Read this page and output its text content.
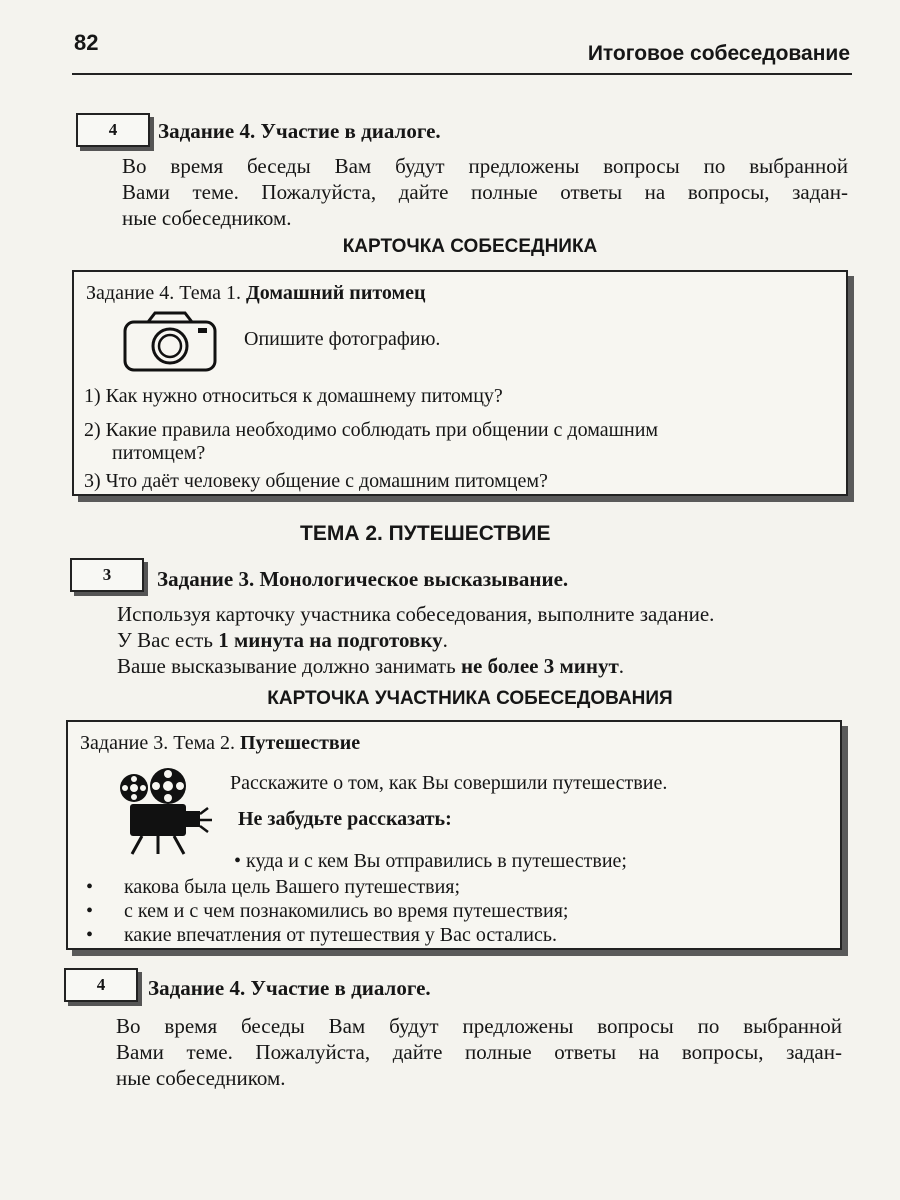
82	Итоговое собеседование
4	Задание 4. Участие в диалоге.
Во время беседы Вам будут предложены вопросы по выбранной
Вами теме. Пожалуйста, дайте полные ответы на вопросы, задан-
ные собеседником.
КАРТОЧКА СОБЕСЕДНИКА
Задание 4. Тема 1. Домашний питомец
Опишите фотографию.
1) Как нужно относиться к домашнему питомцу?
2) Какие правила необходимо соблюдать при общении с домашним
питомцем?
3) Что даёт человеку общение с домашним питомцем?
ТЕМА 2. ПУТЕШЕСТВИЕ
3	Задание 3. Монологическое высказывание.
Используя карточку участника собеседования, выполните задание.
У Вас есть 1 минута на подготовку.
Ваше высказывание должно занимать не более 3 минут.
КАРТОЧКА УЧАСТНИКА СОБЕСЕДОВАНИЯ
Задание 3. Тема 2. Путешествие
Расскажите о том, как Вы совершили путешествие.
Не забудьте рассказать:
• куда и с кем Вы отправились в путешествие;
• какова была цель Вашего путешествия;
• с кем и с чем познакомились во время путешествия;
• какие впечатления от путешествия у Вас остались.
4	Задание 4. Участие в диалоге.
Во время беседы Вам будут предложены вопросы по выбранной
Вами теме. Пожалуйста, дайте полные ответы на вопросы, задан-
ные собеседником.
